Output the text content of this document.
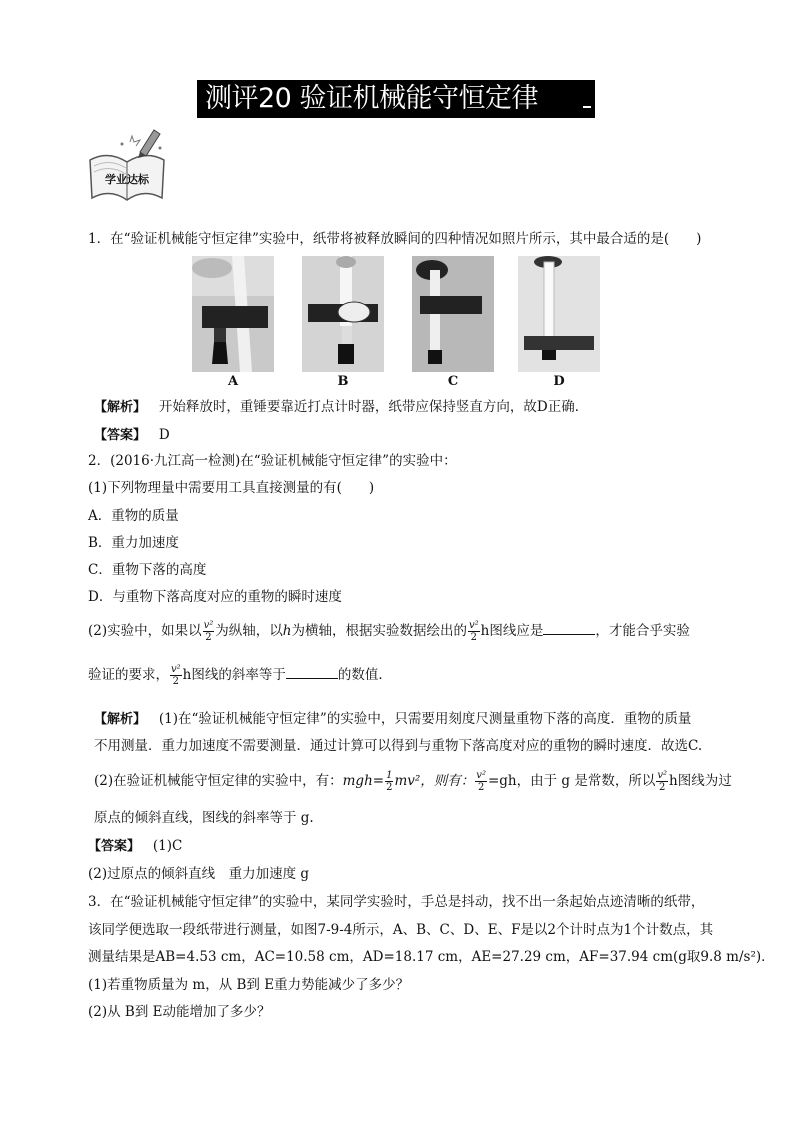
测评20 验证机械能守恒定律
学业达标
1．在“验证机械能守恒定律”实验中，纸带将被释放瞬间的四种情况如照片所示，其中最合适的是(　　)
A	B	C	D
【解析】 开始释放时，重锤要靠近打点计时器，纸带应保持竖直方向，故D正确．
【答案】 D
2．(2016·九江高一检测)在“验证机械能守恒定律”的实验中：
(1)下列物理量中需要用工具直接测量的有(　　)
A．重物的质量
B．重力加速度
C．重物下落的高度
D．与重物下落高度对应的重物的瞬时速度
(2)实验中，如果以 $\frac{\text{v²}}{2}$ 为纵轴，以h为横轴，根据实验数据绘出的 $\frac{\text{v²}}{2}$ h图线应是	，才能合乎实验
验证的要求， $\frac{\text{v²}}{2}$ h图线的斜率等于	的数值．
【解析】 (1)在“验证机械能守恒定律”的实验中，只需要用刻度尺测量重物下落的高度．重物的质量
不用测量．重力加速度不需要测量．通过计算可以得到与重物下落高度对应的重物的瞬时速度．故选C.
(2)在验证机械能守恒定律的实验中，有：$mgh= \frac{1}{2} mv^2$，则有： $\frac{\text{v²}}{2} =gh$，由于 g 是常数，所以 $\frac{\text{v²}}{2}$ h图线为过
原点的倾斜直线，图线的斜率等于 g.
【答案】 (1)C
(2)过原点的倾斜直线　重力加速度 g
3．在“验证机械能守恒定律”的实验中，某同学实验时，手总是抖动，找不出一条起始点迹清晰的纸带，
该同学便选取一段纸带进行测量，如图7-9-4所示，A、B、C、D、E、F是以2个计时点为1个计数点，其
测量结果是AB=4.53 cm，AC=10.58 cm，AD=18.17 cm，AE=27.29 cm，AF=37.94 cm(g取9.8 m/s²)．
(1)若重物质量为 m，从 B到 E重力势能减少了多少？
(2)从 B到 E动能增加了多少？
